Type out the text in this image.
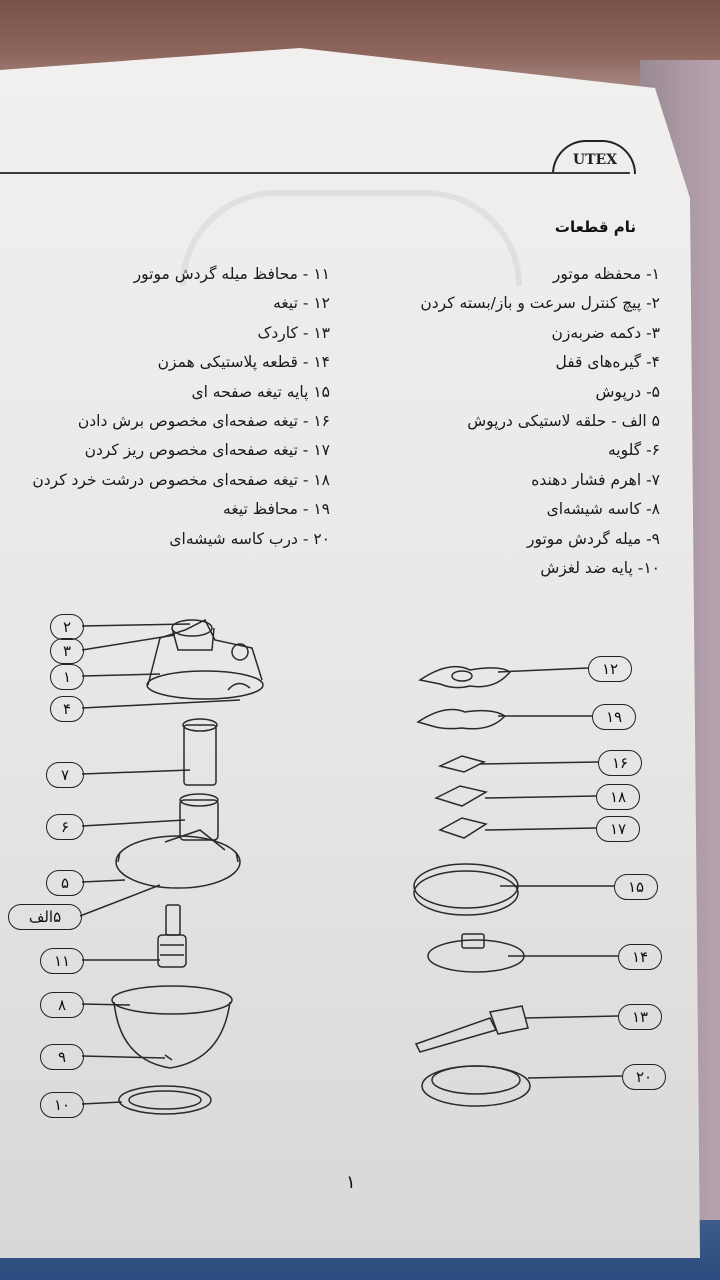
UTEX
نام قطعات
۱- محفظه موتور
۲- پیچ کنترل سرعت و باز/بسته کردن
۳- دکمه ضربه‌زن
۴- گیره‌های قفل
۵- درپوش
۵ الف - حلقه لاستیکی درپوش
۶- گلویه
۷- اهرم فشار دهنده
۸- کاسه شیشه‌ای
۹- میله گردش موتور
۱۰- پایه ضد لغزش
۱۱ - محافظ میله گردش موتور
۱۲ - تیغه
۱۳ - کاردک
۱۴ - قطعه پلاستیکی همزن
۱۵ پایه تیغه صفحه ای
۱۶ - تیغه صفحه‌ای مخصوص برش دادن
۱۷ - تیغه صفحه‌ای مخصوص ریز کردن
۱۸ - تیغه صفحه‌ای مخصوص درشت خرد کردن
۱۹ - محافظ تیغه
۲۰ - درب کاسه شیشه‌ای
۲
۳
۱
۴
۷
۶
۵
۵الف
۱۱
۸
۹
۱۰
۱۲
۱۹
۱۶
۱۸
۱۷
۱۵
۱۴
۱۳
۲۰
۱
